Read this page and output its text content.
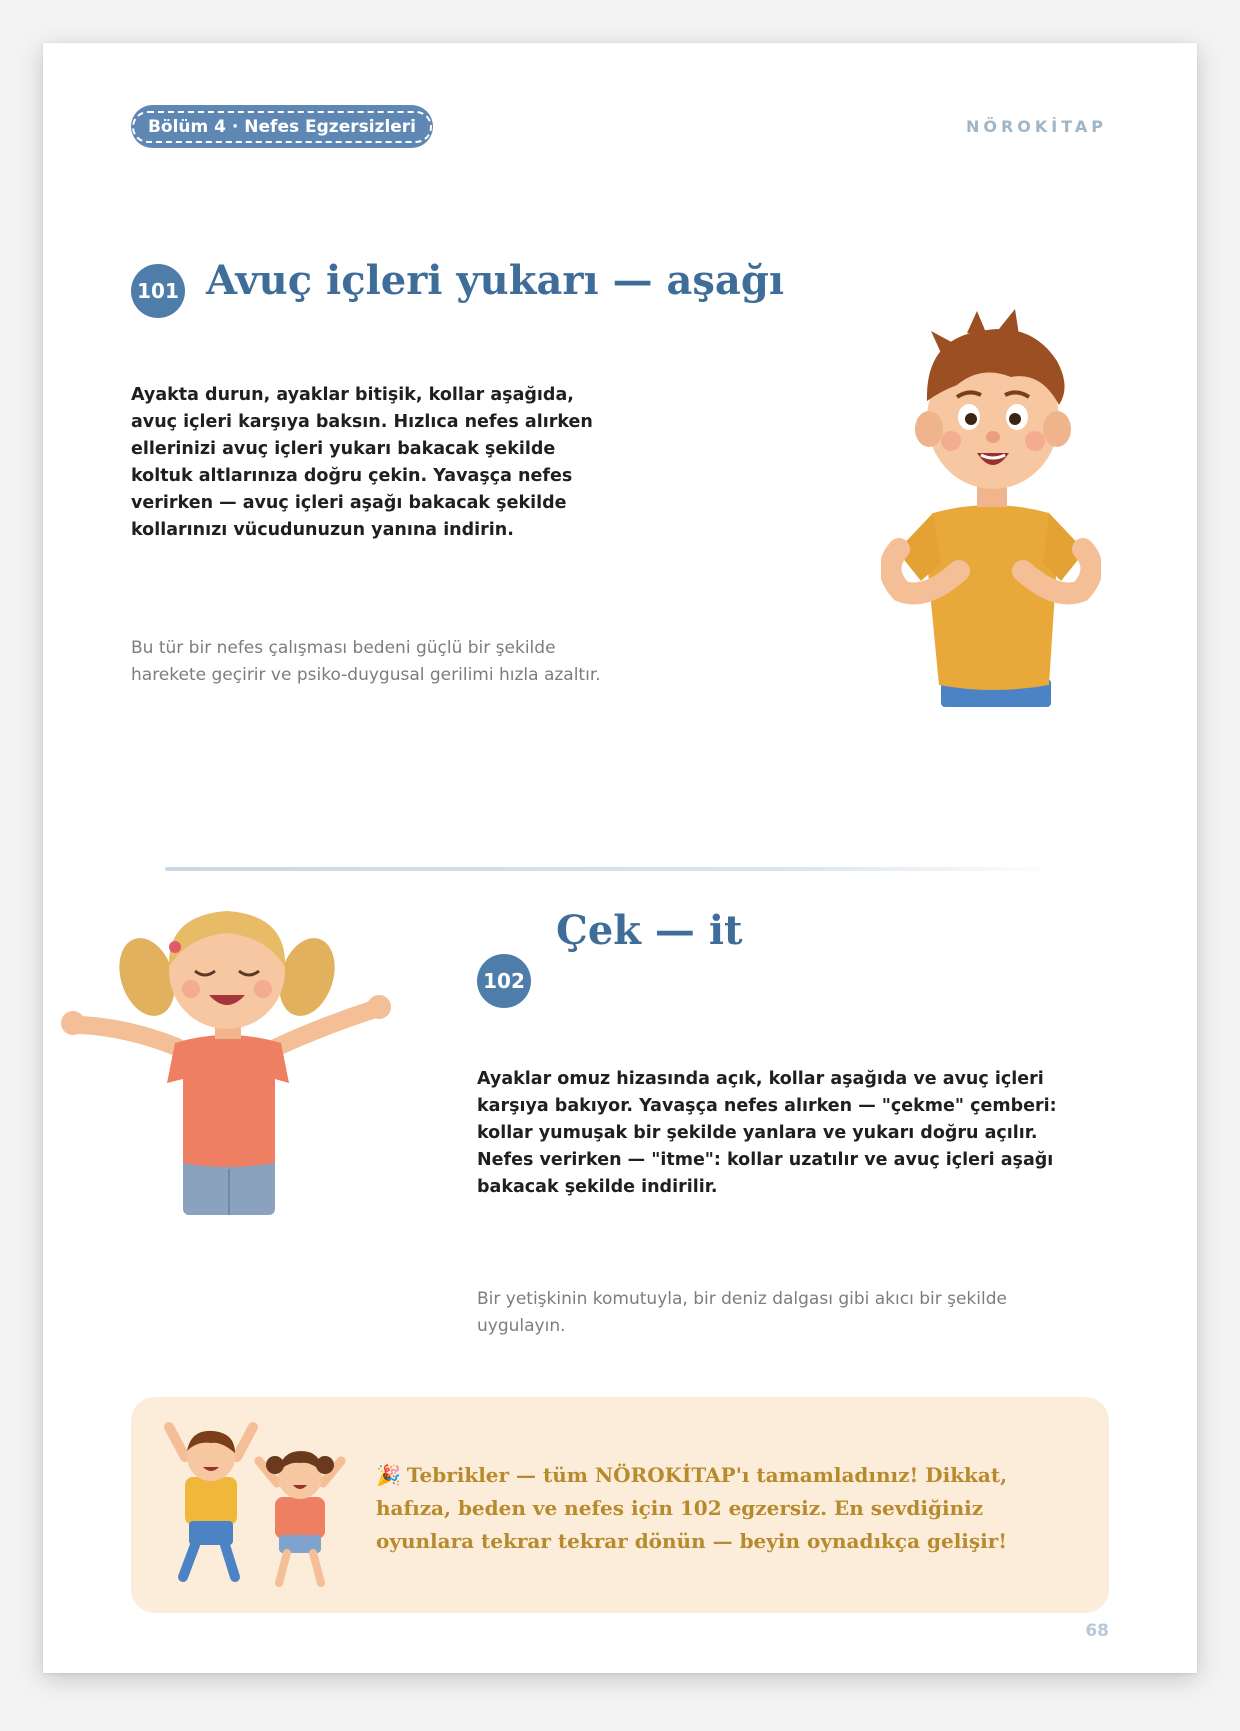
Bölüm 4 · Nefes Egzersizleri	NÖROKİTAP
101 Avuç içleri yukarı — aşağı

Ayakta durun, ayaklar bitişik, kollar aşağıda, avuç içleri karşıya baksın. Hızlıca nefes alırken ellerinizi avuç içleri yukarı bakacak şekilde koltuk altlarınıza doğru çekin. Yavaşça nefes verirken — avuç içleri aşağı bakacak şekilde kollarınızı vücudunuzun yanına indirin.

Bu tür bir nefes çalışması bedeni güçlü bir şekilde harekete geçirir ve psiko-duygusal gerilimi hızla azaltır.

Çek — it
102

Ayaklar omuz hizasında açık, kollar aşağıda ve avuç içleri karşıya bakıyor. Yavaşça nefes alırken — "çekme" çemberi: kollar yumuşak bir şekilde yanlara ve yukarı doğru açılır. Nefes verirken — "itme": kollar uzatılır ve avuç içleri aşağı bakacak şekilde indirilir.

Bir yetişkinin komutuyla, bir deniz dalgası gibi akıcı bir şekilde uygulayın.

🎉 Tebrikler — tüm NÖROKİTAP'ı tamamladınız! Dikkat, hafıza, beden ve nefes için 102 egzersiz. En sevdiğiniz oyunlara tekrar tekrar dönün — beyin oynadıkça gelişir!

68
